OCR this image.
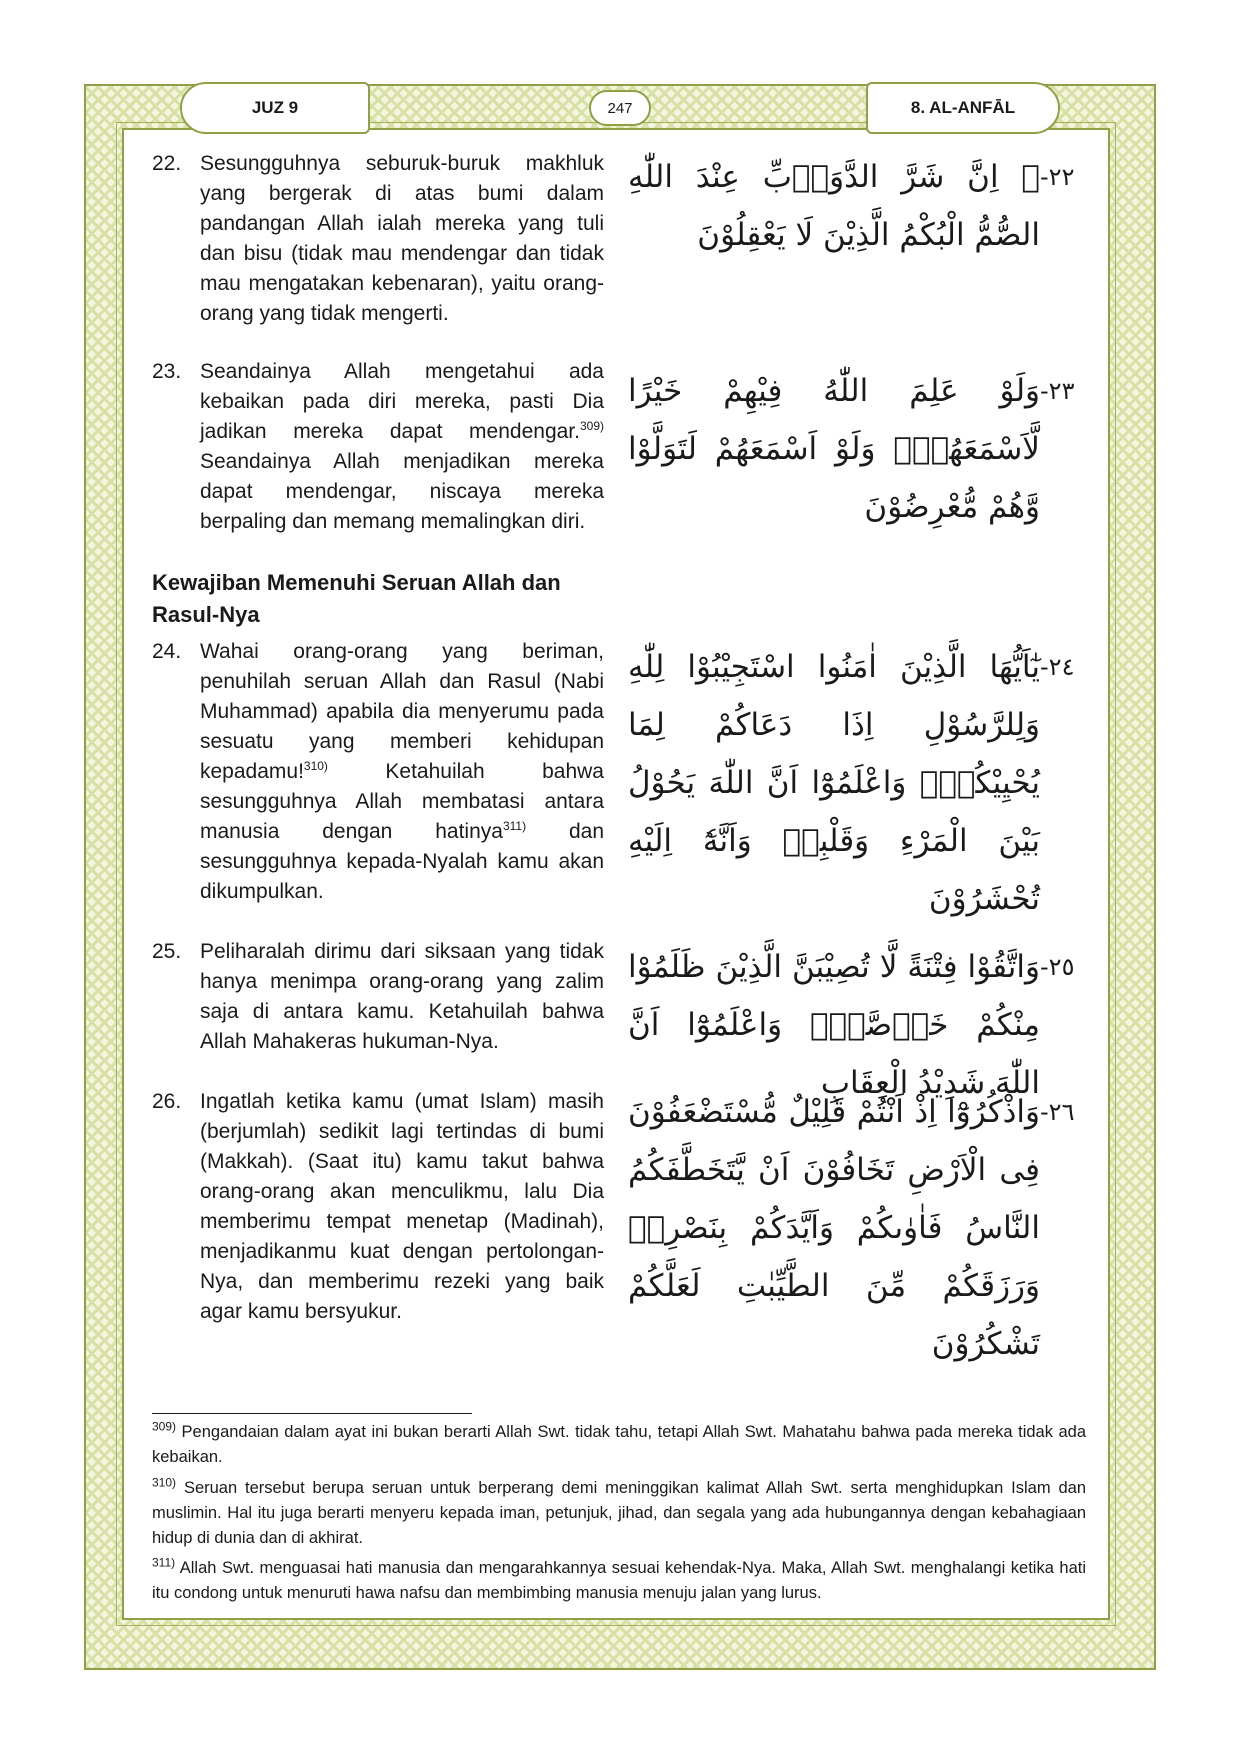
JUZ 9	247	8. AL-ANFĀL
22. Sesungguhnya seburuk-buruk makhluk yang bergerak di atas bumi dalam pandangan Allah ialah mereka yang tuli dan bisu (tidak mau mendengar dan tidak mau mengatakan kebenaran), yaitu orang-orang yang tidak mengerti.
-٢٢
۞ اِنَّ شَرَّ الدَّوَاۤبِّ عِنْدَ اللّٰهِ الصُّمُّ الْبُكْمُ الَّذِيْنَ لَا يَعْقِلُوْنَ
23. Seandainya Allah mengetahui ada kebaikan pada diri mereka, pasti Dia jadikan mereka dapat mendengar.$^{309)}$ Seandainya Allah menjadikan mereka dapat mendengar, niscaya mereka berpaling dan memang memalingkan diri.
-٢٣
وَلَوْ عَلِمَ اللّٰهُ فِيْهِمْ خَيْرًا لَّاَسْمَعَهُمْۗ وَلَوْ اَسْمَعَهُمْ لَتَوَلَّوْا وَّهُمْ مُّعْرِضُوْنَ
Kewajiban Memenuhi Seruan Allah dan Rasul-Nya
24. Wahai orang-orang yang beriman, penuhilah seruan Allah dan Rasul (Nabi Muhammad) apabila dia menyerumu pada sesuatu yang memberi kehidupan kepadamu!$^{310)}$ Ketahuilah bahwa sesungguhnya Allah membatasi antara manusia dengan hatinya$^{311)}$ dan sesungguhnya kepada-Nyalah kamu akan dikumpulkan.
-٢٤
يٰٓاَيُّهَا الَّذِيْنَ اٰمَنُوا اسْتَجِيْبُوْا لِلّٰهِ وَلِلرَّسُوْلِ اِذَا دَعَاكُمْ لِمَا يُحْيِيْكُمْۚ وَاعْلَمُوْٓا اَنَّ اللّٰهَ يَحُوْلُ بَيْنَ الْمَرْءِ وَقَلْبِهٖ وَاَنَّهٗٓ اِلَيْهِ تُحْشَرُوْنَ
25. Peliharalah dirimu dari siksaan yang tidak hanya menimpa orang-orang yang zalim saja di antara kamu. Ketahuilah bahwa Allah Mahakeras hukuman-Nya.
-٢٥
وَاتَّقُوْا فِتْنَةً لَّا تُصِيْبَنَّ الَّذِيْنَ ظَلَمُوْا مِنْكُمْ خَاۤصَّةًۚ وَاعْلَمُوْٓا اَنَّ اللّٰهَ شَدِيْدُ الْعِقَابِ
26. Ingatlah ketika kamu (umat Islam) masih (berjumlah) sedikit lagi tertindas di bumi (Makkah). (Saat itu) kamu takut bahwa orang-orang akan menculikmu, lalu Dia memberimu tempat menetap (Madinah), menjadikanmu kuat dengan pertolongan-Nya, dan memberimu rezeki yang baik agar kamu bersyukur.
-٢٦
وَاذْكُرُوْٓا اِذْ اَنْتُمْ قَلِيْلٌ مُّسْتَضْعَفُوْنَ فِى الْاَرْضِ تَخَافُوْنَ اَنْ يَّتَخَطَّفَكُمُ النَّاسُ فَاٰوٰىكُمْ وَاَيَّدَكُمْ بِنَصْرِهٖ وَرَزَقَكُمْ مِّنَ الطَّيِّبٰتِ لَعَلَّكُمْ تَشْكُرُوْنَ
$^{309)}$ Pengandaian dalam ayat ini bukan berarti Allah Swt. tidak tahu, tetapi Allah Swt. Mahatahu bahwa pada mereka tidak ada kebaikan.
$^{310)}$ Seruan tersebut berupa seruan untuk berperang demi meninggikan kalimat Allah Swt. serta menghidupkan Islam dan muslimin. Hal itu juga berarti menyeru kepada iman, petunjuk, jihad, dan segala yang ada hubungannya dengan kebahagiaan hidup di dunia dan di akhirat.
$^{311)}$ Allah Swt. menguasai hati manusia dan mengarahkannya sesuai kehendak-Nya. Maka, Allah Swt. menghalangi ketika hati itu condong untuk menuruti hawa nafsu dan membimbing manusia menuju jalan yang lurus.
